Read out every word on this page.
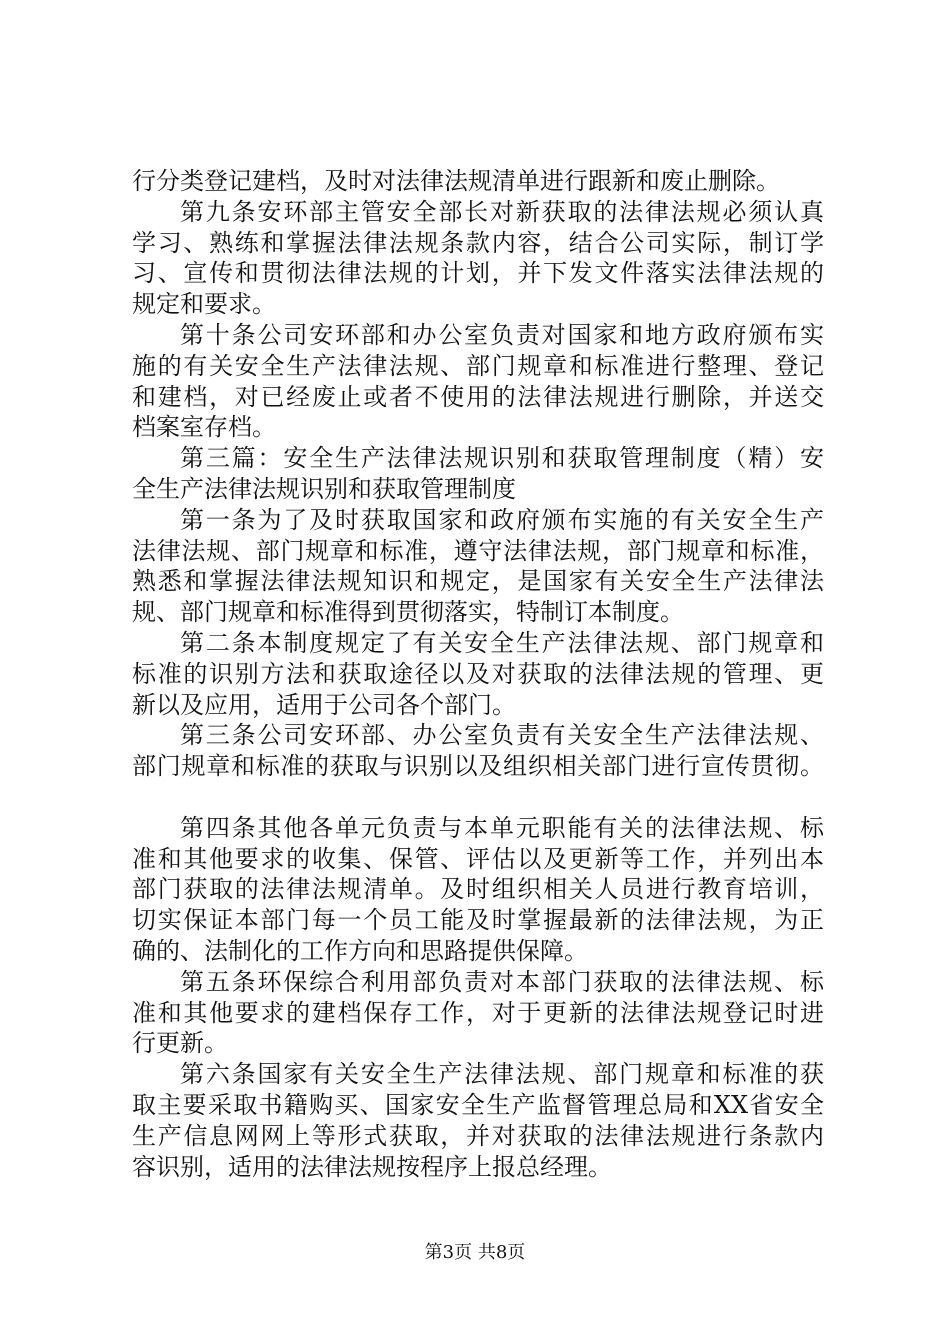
行分类登记建档，及时对法律法规清单进行跟新和废止删除。
第九条安环部主管安全部长对新获取的法律法规必须认真
学习、熟练和掌握法律法规条款内容，结合公司实际，制订学
习、宣传和贯彻法律法规的计划，并下发文件落实法律法规的
规定和要求。
第十条公司安环部和办公室负责对国家和地方政府颁布实
施的有关安全生产法律法规、部门规章和标准进行整理、登记
和建档，对已经废止或者不使用的法律法规进行删除，并送交
档案室存档。
第三篇：安全生产法律法规识别和获取管理制度（精）安
全生产法律法规识别和获取管理制度
第一条为了及时获取国家和政府颁布实施的有关安全生产
法律法规、部门规章和标准，遵守法律法规，部门规章和标准，
熟悉和掌握法律法规知识和规定，是国家有关安全生产法律法
规、部门规章和标准得到贯彻落实，特制订本制度。
第二条本制度规定了有关安全生产法律法规、部门规章和
标准的识别方法和获取途径以及对获取的法律法规的管理、更
新以及应用，适用于公司各个部门。
第三条公司安环部、办公室负责有关安全生产法律法规、
部门规章和标准的获取与识别以及组织相关部门进行宣传贯彻。
第四条其他各单元负责与本单元职能有关的法律法规、标
准和其他要求的收集、保管、评估以及更新等工作，并列出本
部门获取的法律法规清单。及时组织相关人员进行教育培训，
切实保证本部门每一个员工能及时掌握最新的法律法规，为正
确的、法制化的工作方向和思路提供保障。
第五条环保综合利用部负责对本部门获取的法律法规、标
准和其他要求的建档保存工作，对于更新的法律法规登记时进
行更新。
第六条国家有关安全生产法律法规、部门规章和标准的获
取主要采取书籍购买、国家安全生产监督管理总局和XX省安全
生产信息网网上等形式获取，并对获取的法律法规进行条款内
容识别，适用的法律法规按程序上报总经理。
第3页 共8页
